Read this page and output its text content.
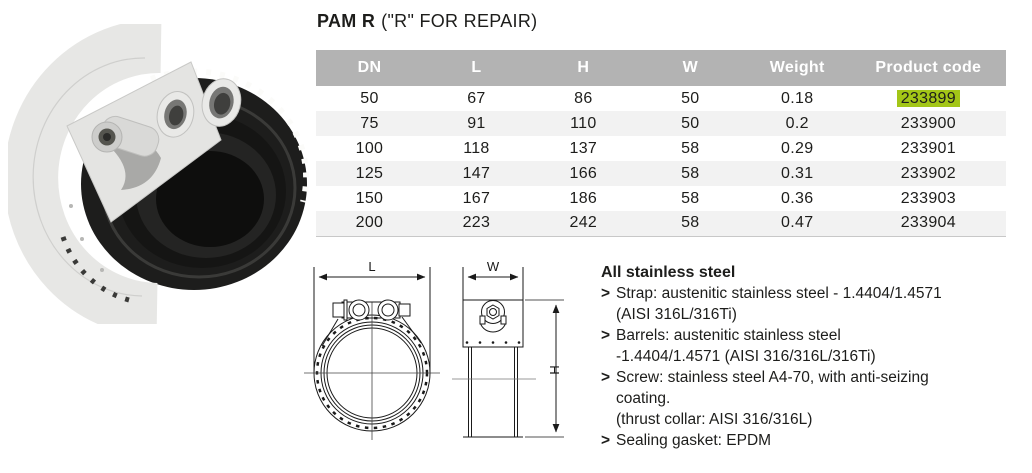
PAM R ("R" FOR REPAIR)
DN	L	H	W	Weight	Product code
50	67	86	50	0.18	233899
75	91	110	50	0.2	233900
100	118	137	58	0.29	233901
125	147	166	58	0.31	233902
150	167	186	58	0.36	233903
200	223	242	58	0.47	233904
L	W
H
All stainless steel
> Strap: austenitic stainless steel - 1.4404/1.4571
(AISI 316L/316Ti)
> Barrels: austenitic stainless steel
-1.4404/1.4571 (AISI 316/316L/316Ti)
> Screw: stainless steel A4-70, with anti-seizing
coating.
(thrust collar: AISI 316/316L)
> Sealing gasket: EPDM
